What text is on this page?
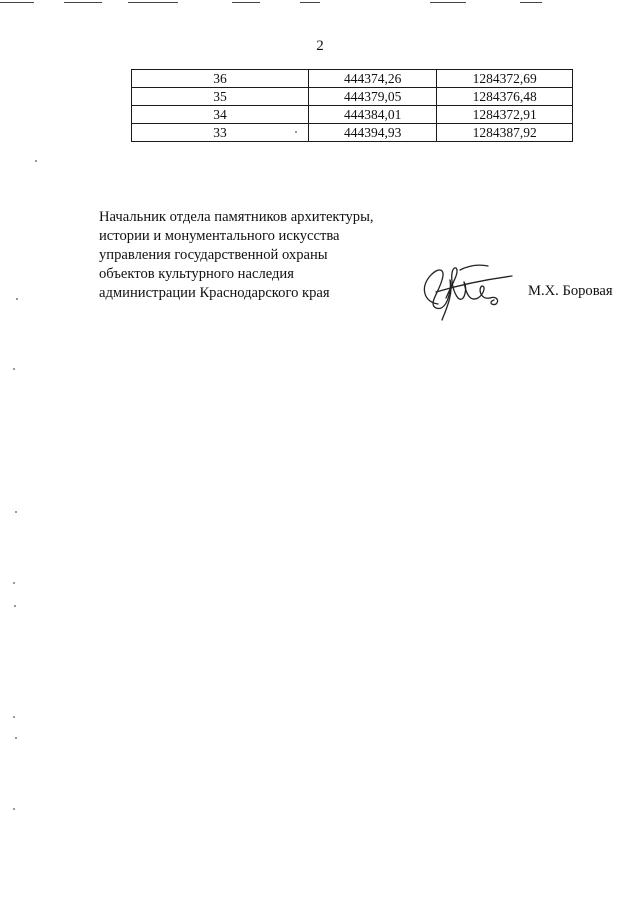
2
36	444374,26	1284372,69
35	444379,05	1284376,48
34	444384,01	1284372,91
33	444394,93	1284387,92
Начальник отдела памятников архитектуры,
истории и монументального искусства
управления государственной охраны
объектов культурного наследия
администрации Краснодарского края	М.Х. Боровая
